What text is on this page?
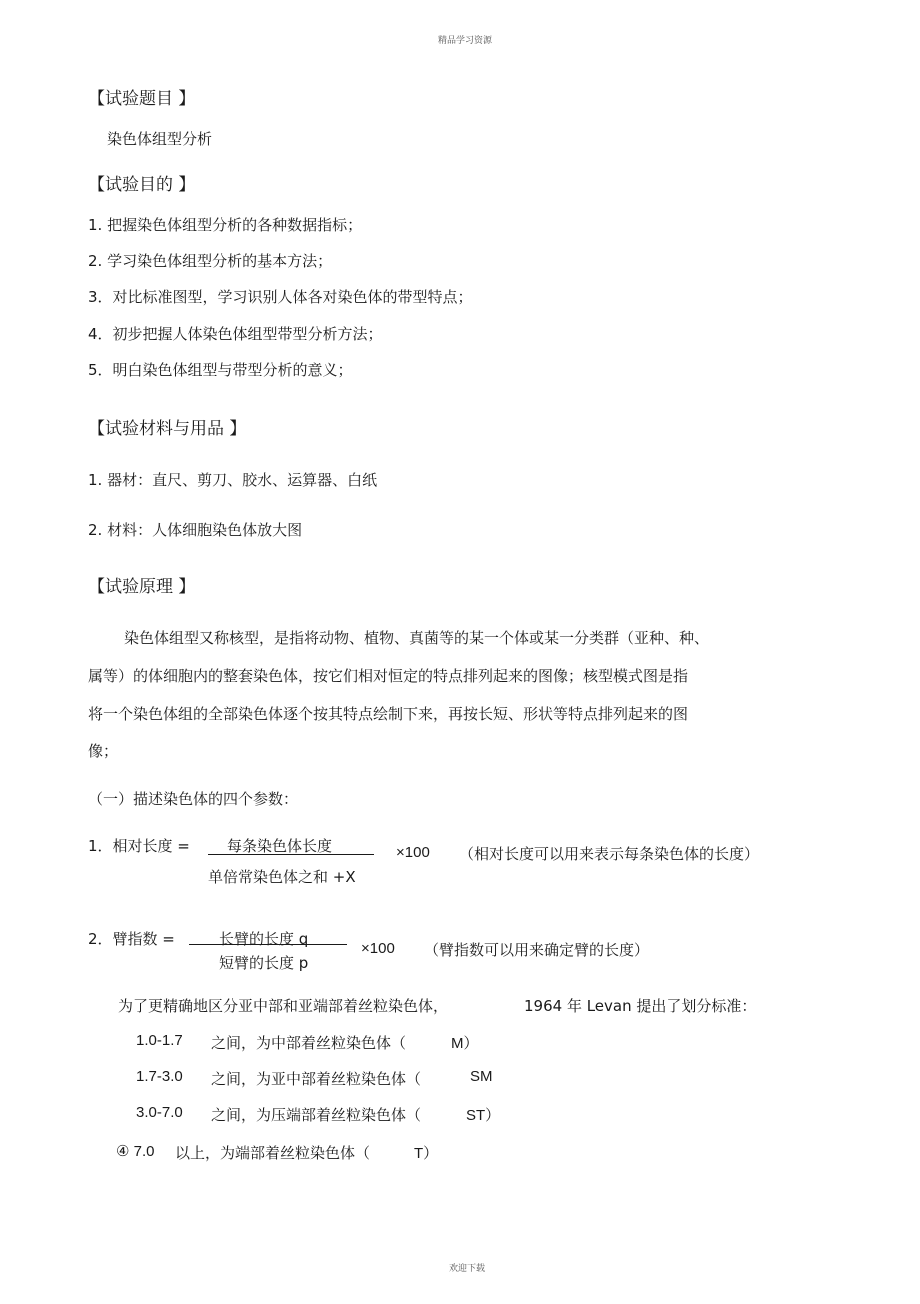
精品学习资源
【试验题目 】
染色体组型分析
【试验目的 】
1. 把握染色体组型分析的各种数据指标；
2. 学习染色体组型分析的基本方法；
3．对比标准图型，学习识别人体各对染色体的带型特点；
4．初步把握人体染色体组型带型分析方法；
5．明白染色体组型与带型分析的意义；
【试验材料与用品 】
1. 器材：直尺、剪刀、胶水、运算器、白纸
2. 材料：人体细胞染色体放大图
【试验原理 】
染色体组型又称核型，是指将动物、植物、真菌等的某一个体或某一分类群（亚种、种、
属等）的体细胞内的整套染色体，按它们相对恒定的特点排列起来的图像；核型模式图是指
将一个染色体组的全部染色体逐个按其特点绘制下来，再按长短、形状等特点排列起来的图
像；
（一）描述染色体的四个参数：
1．相对长度 = 每条染色体长度
单倍常染色体之和 +X
×100 （相对长度可以用来表示每条染色体的长度）
2．臂指数 =	长臂的长度 q
短臂的长度 p
×100 （臂指数可以用来确定臂的长度）
为了更精确地区分亚中部和亚端部着丝粒染色体，	1964 年 Levan 提出了划分标准：
1.0-1.7 之间，为中部着丝粒染色体（	M）
1.7-3.0 之间，为亚中部着丝粒染色体（	SM
3.0-7.0 之间，为压端部着丝粒染色体（	ST）
④ 7.0 以上，为端部着丝粒染色体（	T）
欢迎下载
